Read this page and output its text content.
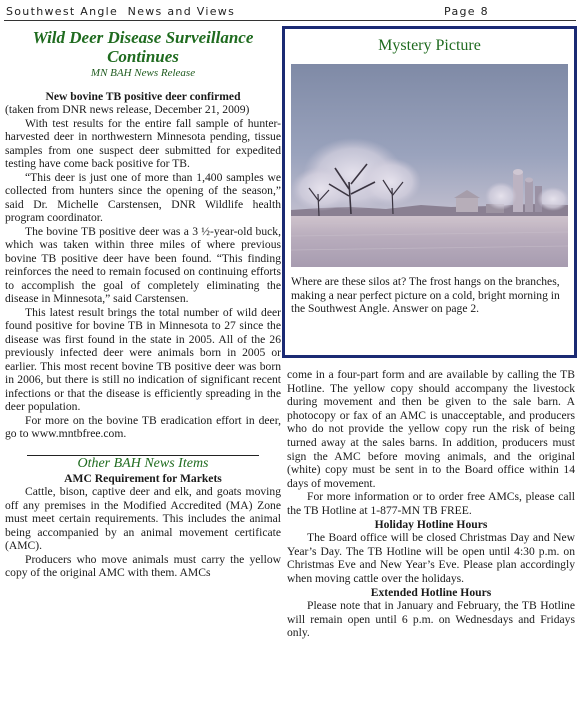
Southwest Angle  News and Views	Page 8
Wild Deer Disease Surveillance Continues
MN BAH News Release
New bovine TB positive deer confirmed

(taken from DNR news release, December 21, 2009)

With test results for the entire fall sample of hunter-harvested deer in northwestern Minnesota pending, tissue samples from one suspect deer submitted for expedited testing have come back positive for TB.

“This deer is just one of more than 1,400 samples we collected from hunters since the opening of the season,” said Dr. Michelle Carstensen, DNR Wildlife health program coordinator.

The bovine TB positive deer was a 3 ½-year-old buck, which was taken within three miles of where previous bovine TB positive deer have been found. “This finding reinforces the need to remain focused on continuing efforts to accomplish the goal of completely eliminating the disease in Minnesota,” said Carstensen.

This latest result brings the total number of wild deer found positive for bovine TB in Minnesota to 27 since the disease was first found in the state in 2005. All of the 26 previously infected deer were animals born in 2005 or earlier. This most recent bovine TB positive deer was born in 2006, but there is still no indication of significant recent infections or that the disease is efficiently spreading in the deer population.

For more on the bovine TB eradication effort in deer, go to www.mntbfree.com.

Other BAH News Items
AMC Requirement for Markets

Cattle, bison, captive deer and elk, and goats moving off any premises in the Modified Accredited (MA) Zone must meet certain requirements. This includes the animal being accompanied by an animal movement certificate (AMC).

Producers who move animals must carry the yellow copy of the original AMC with them. AMCs

Mystery Picture
Where are these silos at? The frost hangs on the branches, making a near perfect picture on a cold, bright morning in the Southwest Angle. Answer on page 2.

come in a four-part form and are available by calling the TB Hotline. The yellow copy should accompany the livestock during movement and then be given to the sale barn. A photocopy or fax of an AMC is unacceptable, and producers who do not provide the yellow copy run the risk of being turned away at the sales barns. In addition, producers must sign the AMC before moving animals, and the original (white) copy must be sent in to the Board office within 14 days of movement.

For more information or to order free AMCs, please call the TB Hotline at 1-877-MN TB FREE.

Holiday Hotline Hours

The Board office will be closed Christmas Day and New Year’s Day. The TB Hotline will be open until 4:30 p.m. on Christmas Eve and New Year’s Eve. Please plan accordingly when moving cattle over the holidays.

Extended Hotline Hours

Please note that in January and February, the TB Hotline will remain open until 6 p.m. on Wednesdays and Fridays only.
